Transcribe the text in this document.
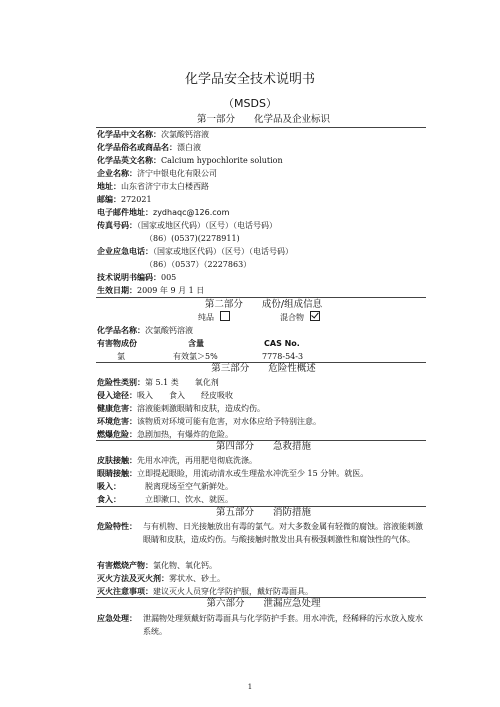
化学品安全技术说明书
（MSDS）
第一部分　　化学品及企业标识
化学品中文名称：次氯酸钙溶液
化学品俗名或商品名：漂白液
化学品英文名称：Calcium hypochlorite solution
企业名称：济宁中银电化有限公司
地址：山东省济宁市太白楼西路
邮编：272021
电子邮件地址：zydhaqc@126.com
传真号码：（国家或地区代码）（区号）（电话号码）
（86）(0537)(2278911)
企业应急电话：（国家或地区代码）（区号）（电话号码）
（86）（0537）（2227863）
技术说明书编码：005
生效日期：2009 年 9 月 1 日
第二部分　　成份/组成信息
纯品	混合物
化学品名称：次氯酸钙溶液
有害物成份	含量	CAS No.
氯	有效氯＞5%	7778-54-3
第三部分　　危险性概述
危险性类别：第 5.1 类　　氧化剂
侵入途径：吸入　　食入　　经皮吸收
健康危害：溶液能刺激眼睛和皮肤，造成灼伤。
环境危害：该物质对环境可能有危害，对水体应给予特别注意。
燃爆危险：急剧加热，有爆炸的危险。
第四部分　　急救措施
皮肤接触：先用水冲洗，再用肥皂彻底洗涤。
眼睛接触：立即提起眼睑，用流动清水或生理盐水冲洗至少 15 分钟。就医。
吸入：	脱离现场至空气新鲜处。
食入：	立即漱口、饮水、就医。
第五部分　　消防措施
危险特性： 与有机物、日光接触放出有毒的氯气。对大多数金属有轻微的腐蚀。溶液能刺激眼睛和皮肤，造成灼伤。与酸接触时散发出具有极强刺激性和腐蚀性的气体。
有害燃烧产物：氯化物、氧化钙。
灭火方法及灭火剂：雾状水、砂土。
灭火注意事项：建议灭火人员穿化学防护服，戴好防毒面具。
第六部分　　泄漏应急处理
应急处理： 泄漏物处理须戴好防毒面具与化学防护手套。用水冲洗，经稀释的污水放入废水系统。
1
